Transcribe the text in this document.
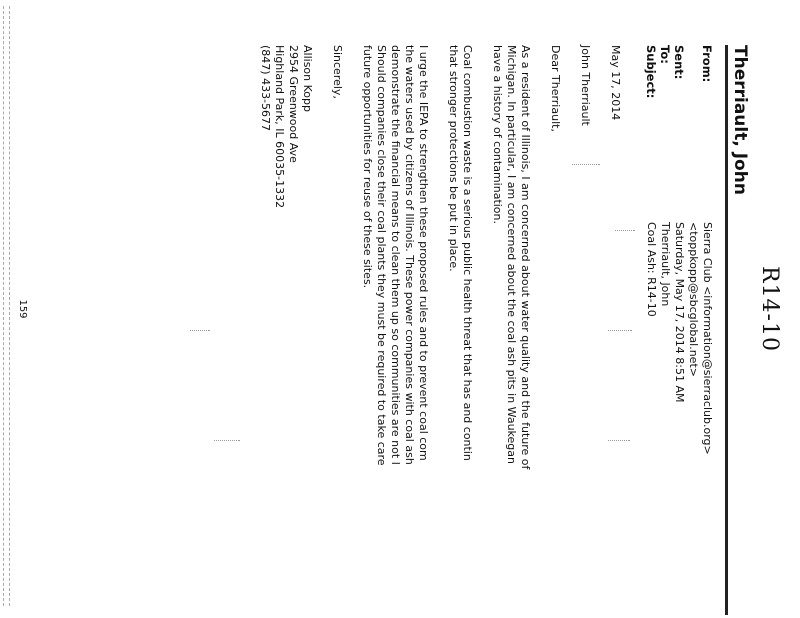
R14-10
Therriault, John
From:
Sierra Club <information@sierraclub.org>
<toppkopp@sbcglobal.net>
Sent:
Saturday, May 17, 2014 8:51 AM
To:
Therriault, John
Subject:
Coal Ash: R14-10
May 17, 2014
John Therriault
Dear Therriault,
As a resident of Illinois, I am concerned about water quality and the future of
Michigan. In particular, I am concerned about the coal ash pits in Waukegan
have a history of contamination.
Coal combustion waste is a serious public health threat that has and contin
that stronger protections be put in place.
I urge the IEPA to strengthen these proposed rules and to prevent coal com
the waters used by citizens of Illinois. These power companies with coal ash
demonstrate the financial means to clean them up so communities are not l
Should companies close their coal plants they must be required to take care
future opportunities for reuse of these sites.
Sincerely,
Allison Kopp
2954 Greenwood Ave
Highland Park, IL 60035-1332
(847) 433-5677
159
